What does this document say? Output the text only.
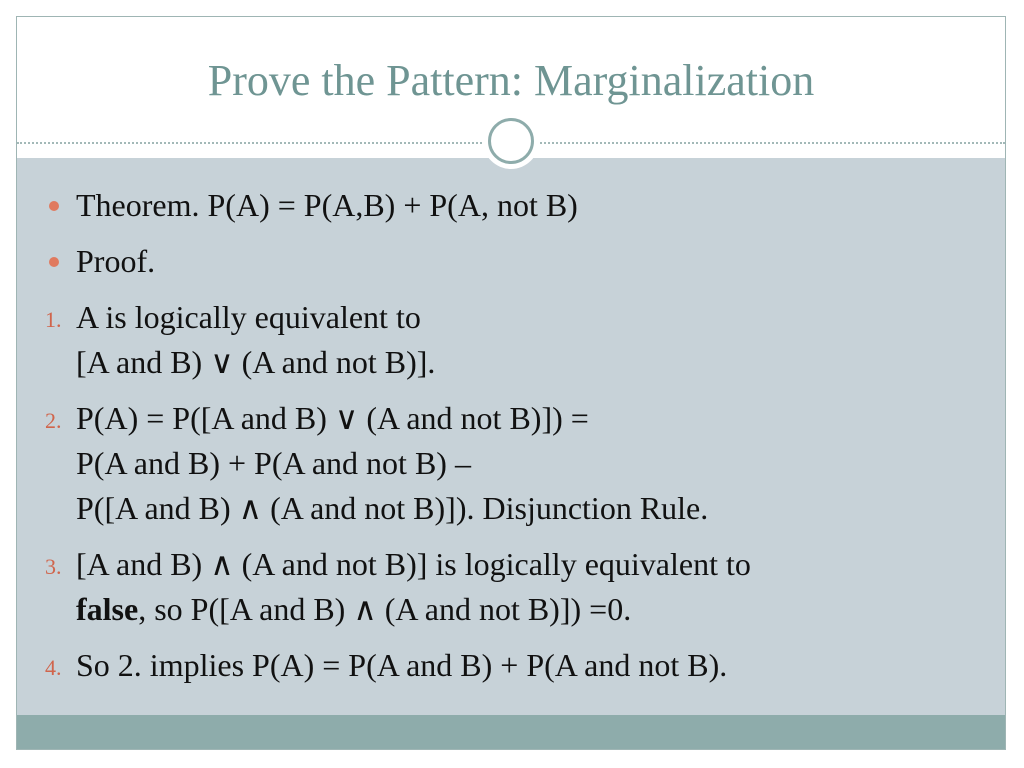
Prove the Pattern: Marginalization
Theorem. P(A) = P(A,B) + P(A, not B)
Proof.
1. A is logically equivalent to
[A and B) ∨ (A and not B)].
2. P(A) = P([A and B) ∨ (A and not B)]) =
P(A and B) + P(A and not B) –
P([A and B) ∧ (A and not B)]). Disjunction Rule.
3. [A and B) ∧ (A and not B)] is logically equivalent to
false, so P([A and B) ∧ (A and not B)]) =0.
4. So 2. implies P(A) = P(A and B) + P(A and not B).
